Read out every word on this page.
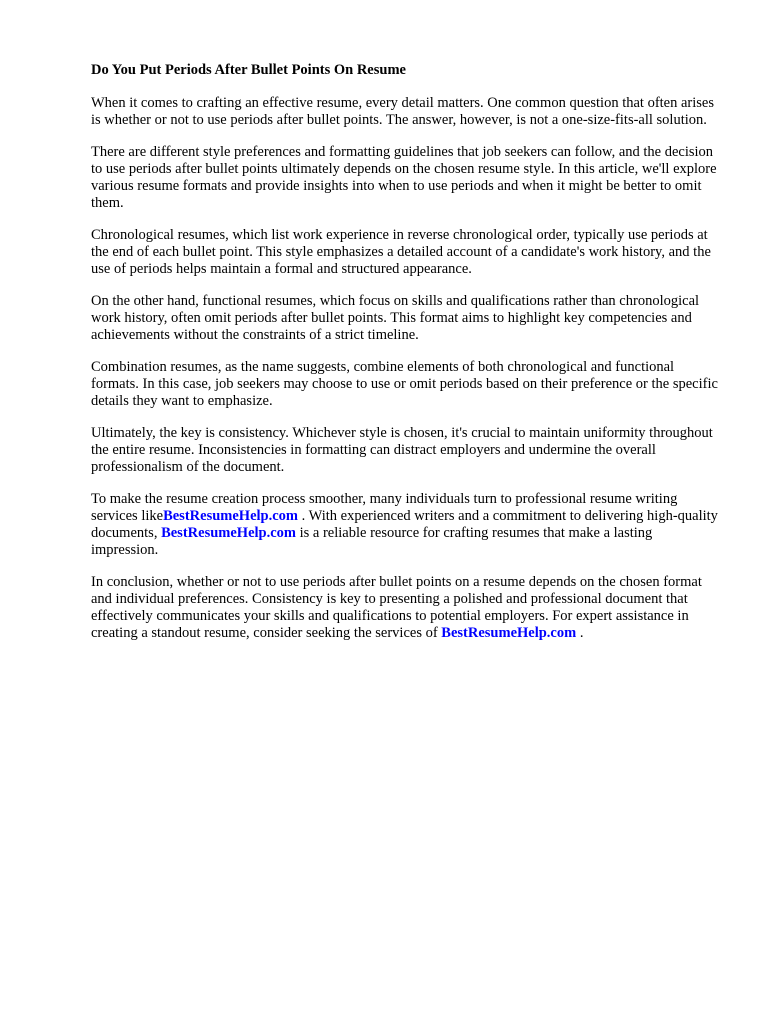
Do You Put Periods After Bullet Points On Resume

When it comes to crafting an effective resume, every detail matters. One common question that often arises is whether or not to use periods after bullet points. The answer, however, is not a one-size-fits-all solution.

There are different style preferences and formatting guidelines that job seekers can follow, and the decision to use periods after bullet points ultimately depends on the chosen resume style. In this article, we'll explore various resume formats and provide insights into when to use periods and when it might be better to omit them.

Chronological resumes, which list work experience in reverse chronological order, typically use periods at the end of each bullet point. This style emphasizes a detailed account of a candidate's work history, and the use of periods helps maintain a formal and structured appearance.

On the other hand, functional resumes, which focus on skills and qualifications rather than chronological work history, often omit periods after bullet points. This format aims to highlight key competencies and achievements without the constraints of a strict timeline.

Combination resumes, as the name suggests, combine elements of both chronological and functional formats. In this case, job seekers may choose to use or omit periods based on their preference or the specific details they want to emphasize.

Ultimately, the key is consistency. Whichever style is chosen, it's crucial to maintain uniformity throughout the entire resume. Inconsistencies in formatting can distract employers and undermine the overall professionalism of the document.

To make the resume creation process smoother, many individuals turn to professional resume writing services likeBestResumeHelp.com . With experienced writers and a commitment to delivering high-quality documents, BestResumeHelp.com is a reliable resource for crafting resumes that make a lasting impression.

In conclusion, whether or not to use periods after bullet points on a resume depends on the chosen format and individual preferences. Consistency is key to presenting a polished and professional document that effectively communicates your skills and qualifications to potential employers. For expert assistance in creating a standout resume, consider seeking the services of BestResumeHelp.com .
